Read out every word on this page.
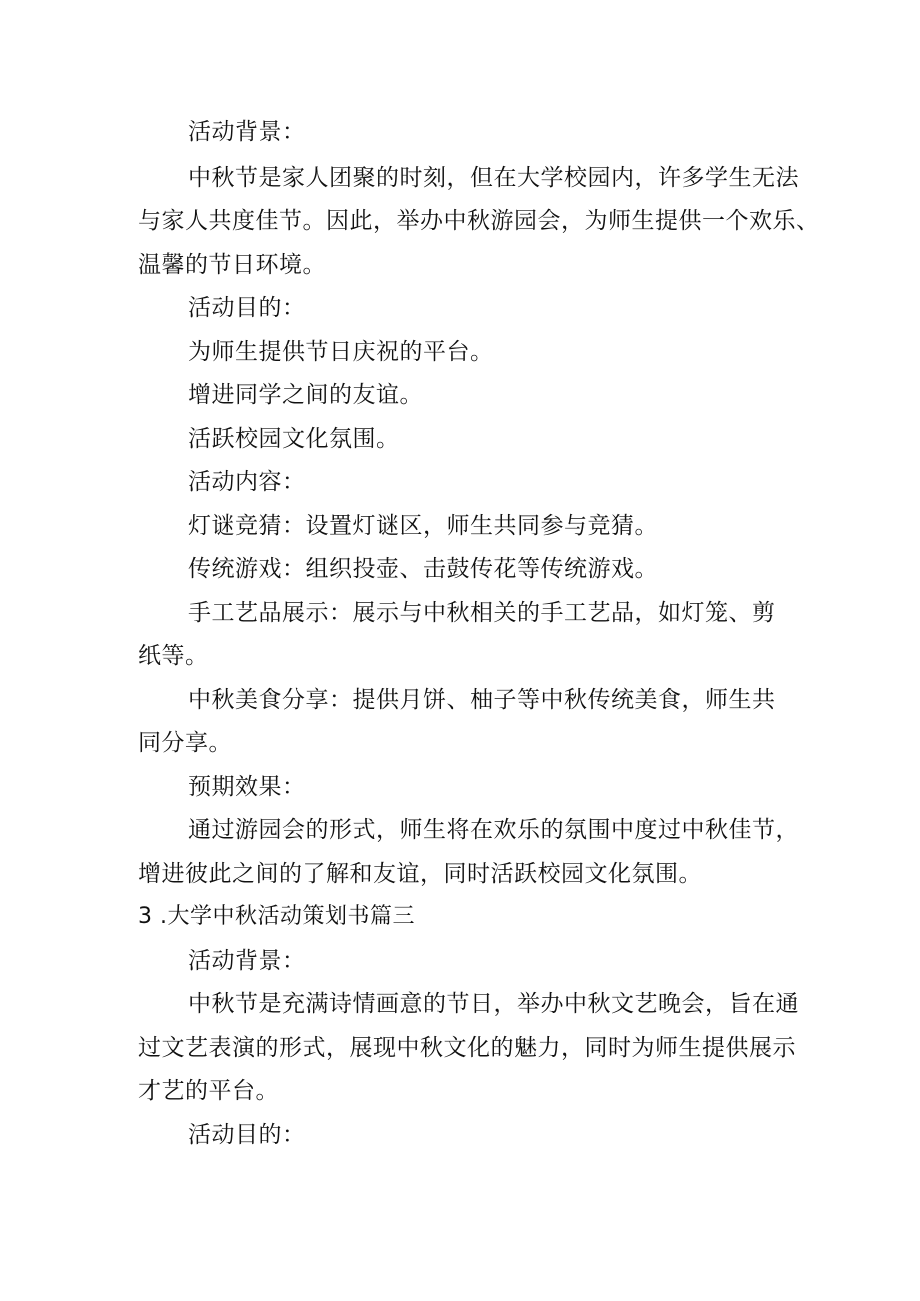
活动背景：
中秋节是家人团聚的时刻，但在大学校园内，许多学生无法
与家人共度佳节。因此，举办中秋游园会，为师生提供一个欢乐、
温馨的节日环境。
活动目的：
为师生提供节日庆祝的平台。
增进同学之间的友谊。
活跃校园文化氛围。
活动内容：
灯谜竞猜：设置灯谜区，师生共同参与竞猜。
传统游戏：组织投壶、击鼓传花等传统游戏。
手工艺品展示：展示与中秋相关的手工艺品，如灯笼、剪
纸等。
中秋美食分享：提供月饼、柚子等中秋传统美食，师生共
同分享。
预期效果：
通过游园会的形式，师生将在欢乐的氛围中度过中秋佳节，
增进彼此之间的了解和友谊，同时活跃校园文化氛围。
3 .大学中秋活动策划书篇三
活动背景：
中秋节是充满诗情画意的节日，举办中秋文艺晚会，旨在通
过文艺表演的形式，展现中秋文化的魅力，同时为师生提供展示
才艺的平台。
活动目的：
